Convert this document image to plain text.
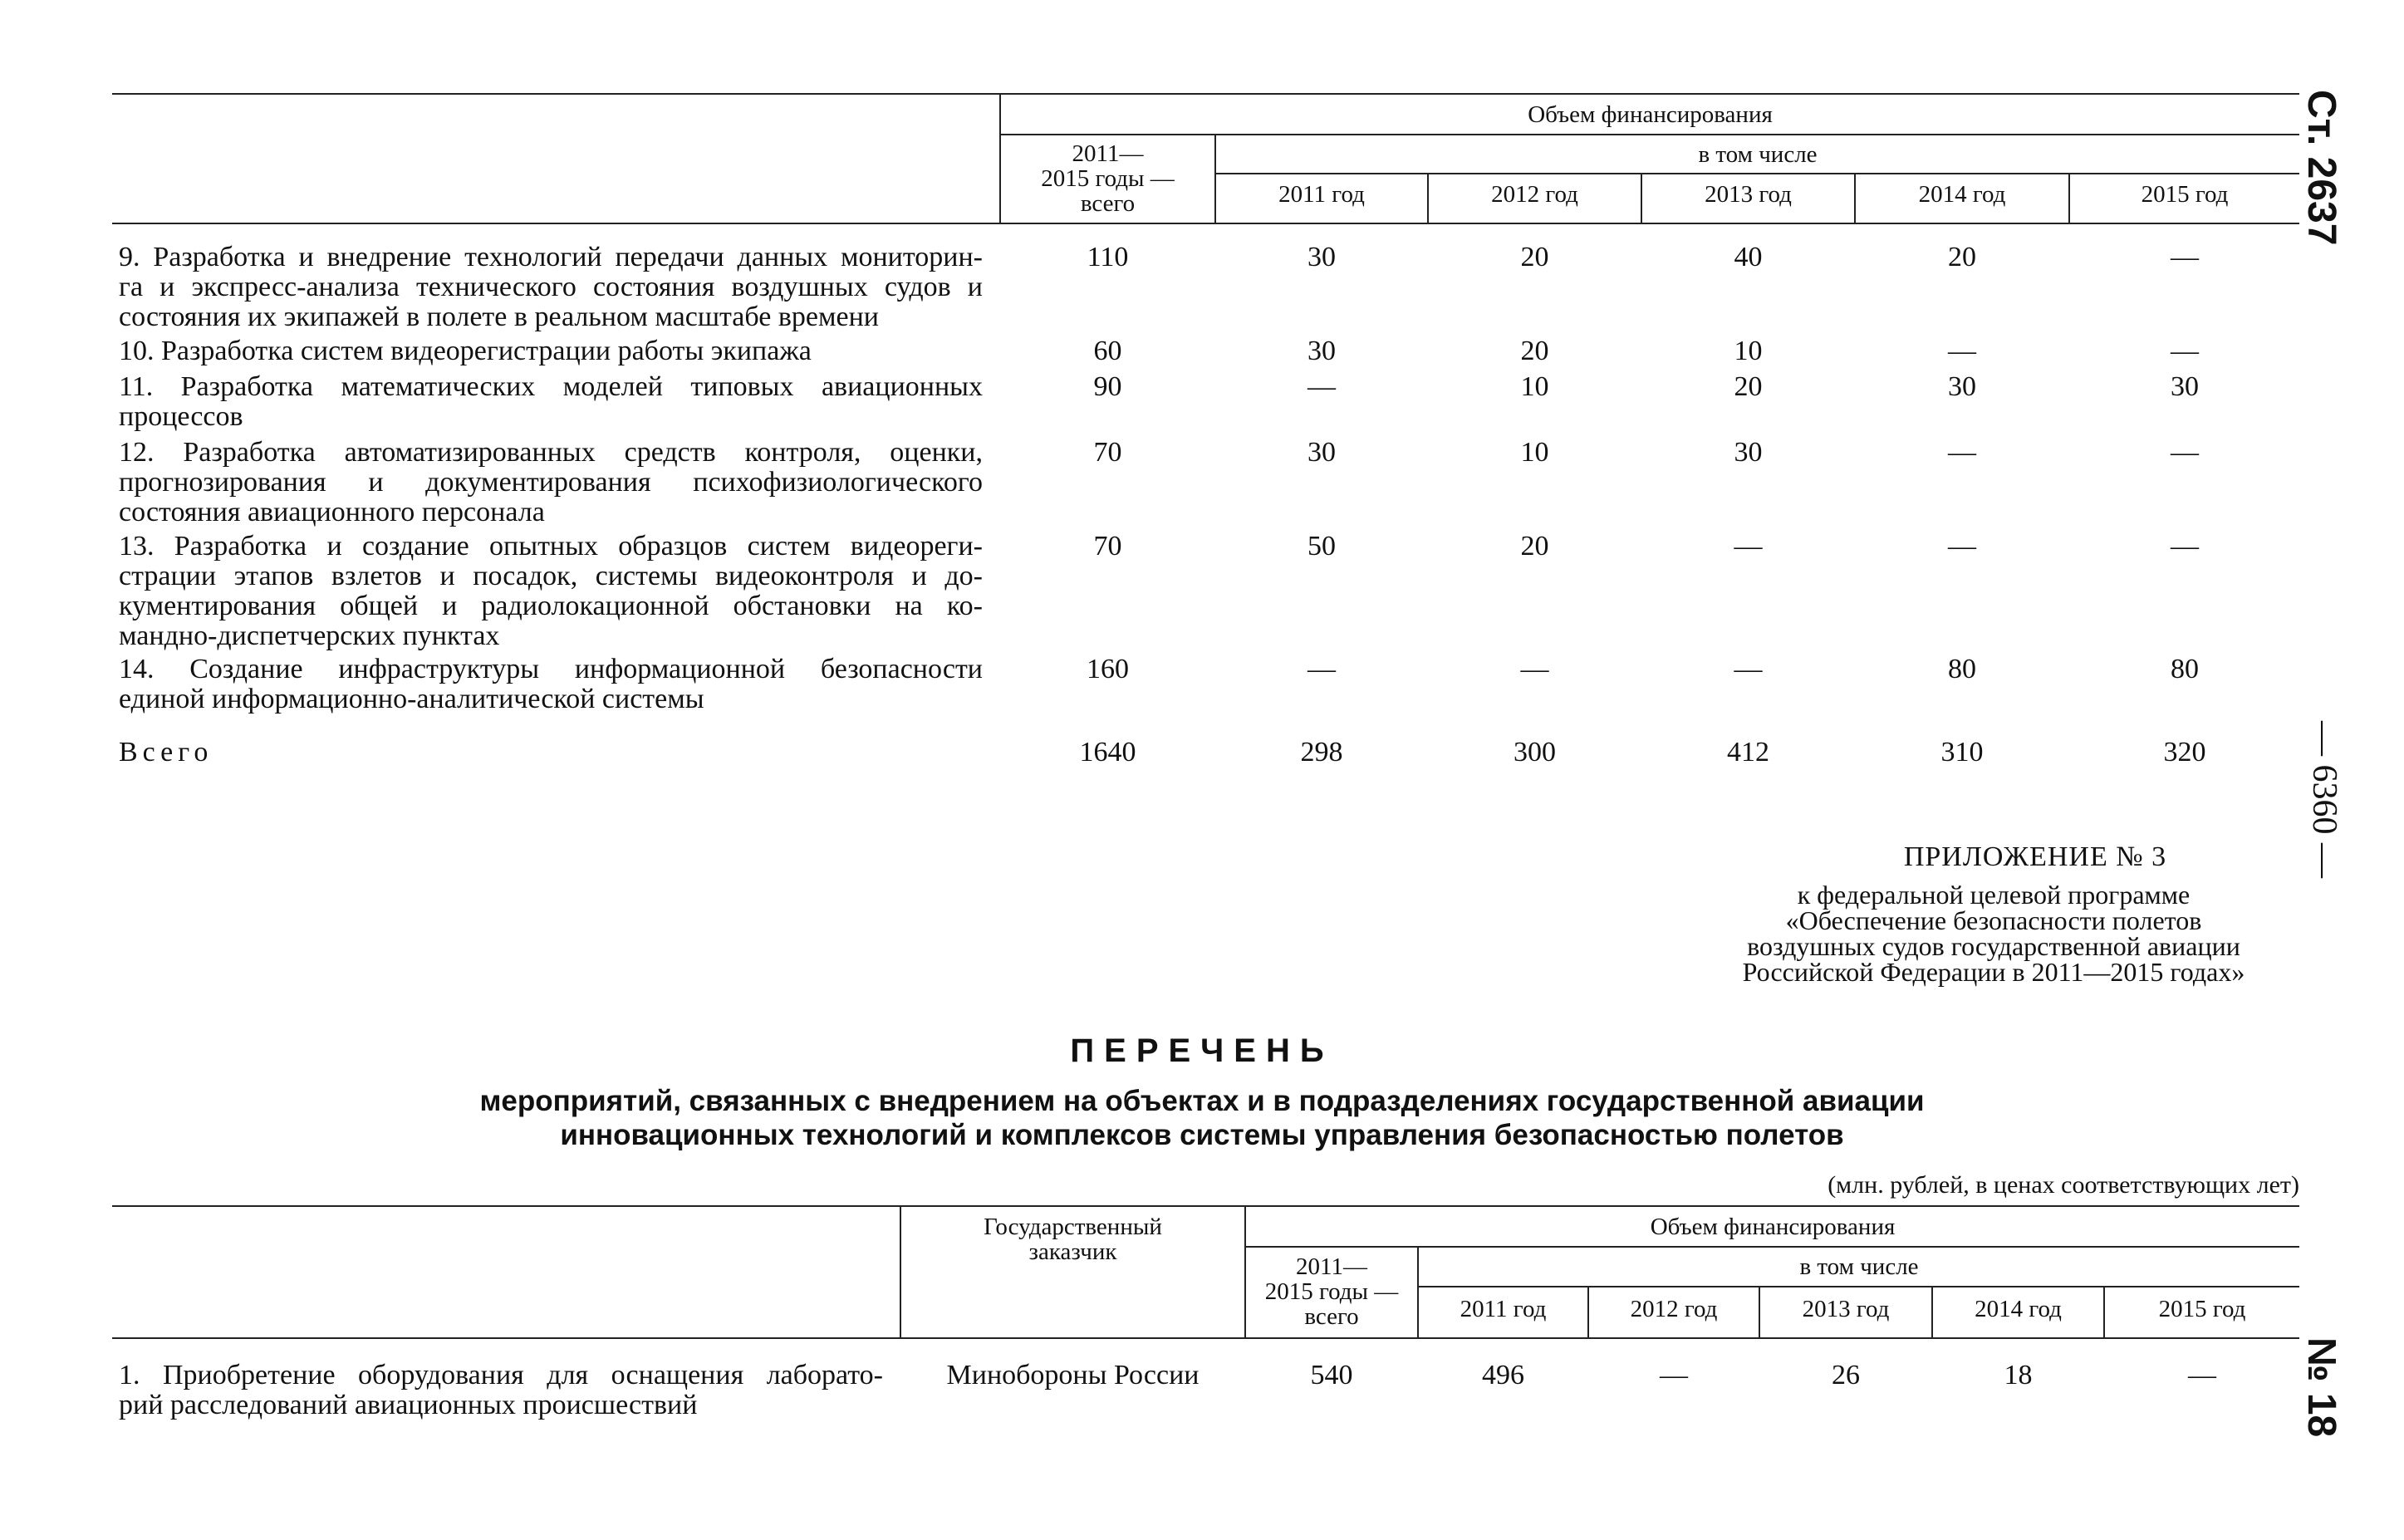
Ст. 2637
— 6360 —
№ 18
Объем финансирования
2011—
2015 годы —
всего
в том числе
2011 год	2012 год	2013 год	2014 год	2015 год
9. Разработка и внедрение технологий передачи данных мониторин-
га и экспресс-анализа технического состояния воздушных судов и
состояния их экипажей в полете в реальном масштабе времени
110	30	20	40	20	—
10. Разработка систем видеорегистрации работы экипажа	60	30	20	10	—	—
11. Разработка математических моделей типовых авиационных
процессов
90	—	10	20	30	30
12. Разработка автоматизированных средств контроля, оценки,
прогнозирования и документирования психофизиологического
состояния авиационного персонала
70	30	10	30	—	—
13. Разработка и создание опытных образцов систем видеореги-
страции этапов взлетов и посадок, системы видеоконтроля и до-
кументирования общей и радиолокационной обстановки на ко-
мандно-диспетчерских пунктах
70	50	20	—	—	—
14. Создание инфраструктуры информационной безопасности
единой информационно-аналитической системы
160	—	—	—	80	80
Всего	1640	298	300	412	310	320
ПРИЛОЖЕНИЕ № 3
к федеральной целевой программе
«Обеспечение безопасности полетов
воздушных судов государственной авиации
Российской Федерации в 2011—2015 годах»
ПЕРЕЧЕНЬ
мероприятий, связанных с внедрением на объектах и в подразделениях государственной авиации
инновационных технологий и комплексов системы управления безопасностью полетов
(млн. рублей, в ценах соответствующих лет)
Государственный
заказчик
Объем финансирования
2011—
2015 годы —
всего
в том числе
2011 год	2012 год	2013 год	2014 год	2015 год
1. Приобретение оборудования для оснащения лаборато-
рий расследований авиационных происшествий
Минобороны России	540	496	—	26	18	—
